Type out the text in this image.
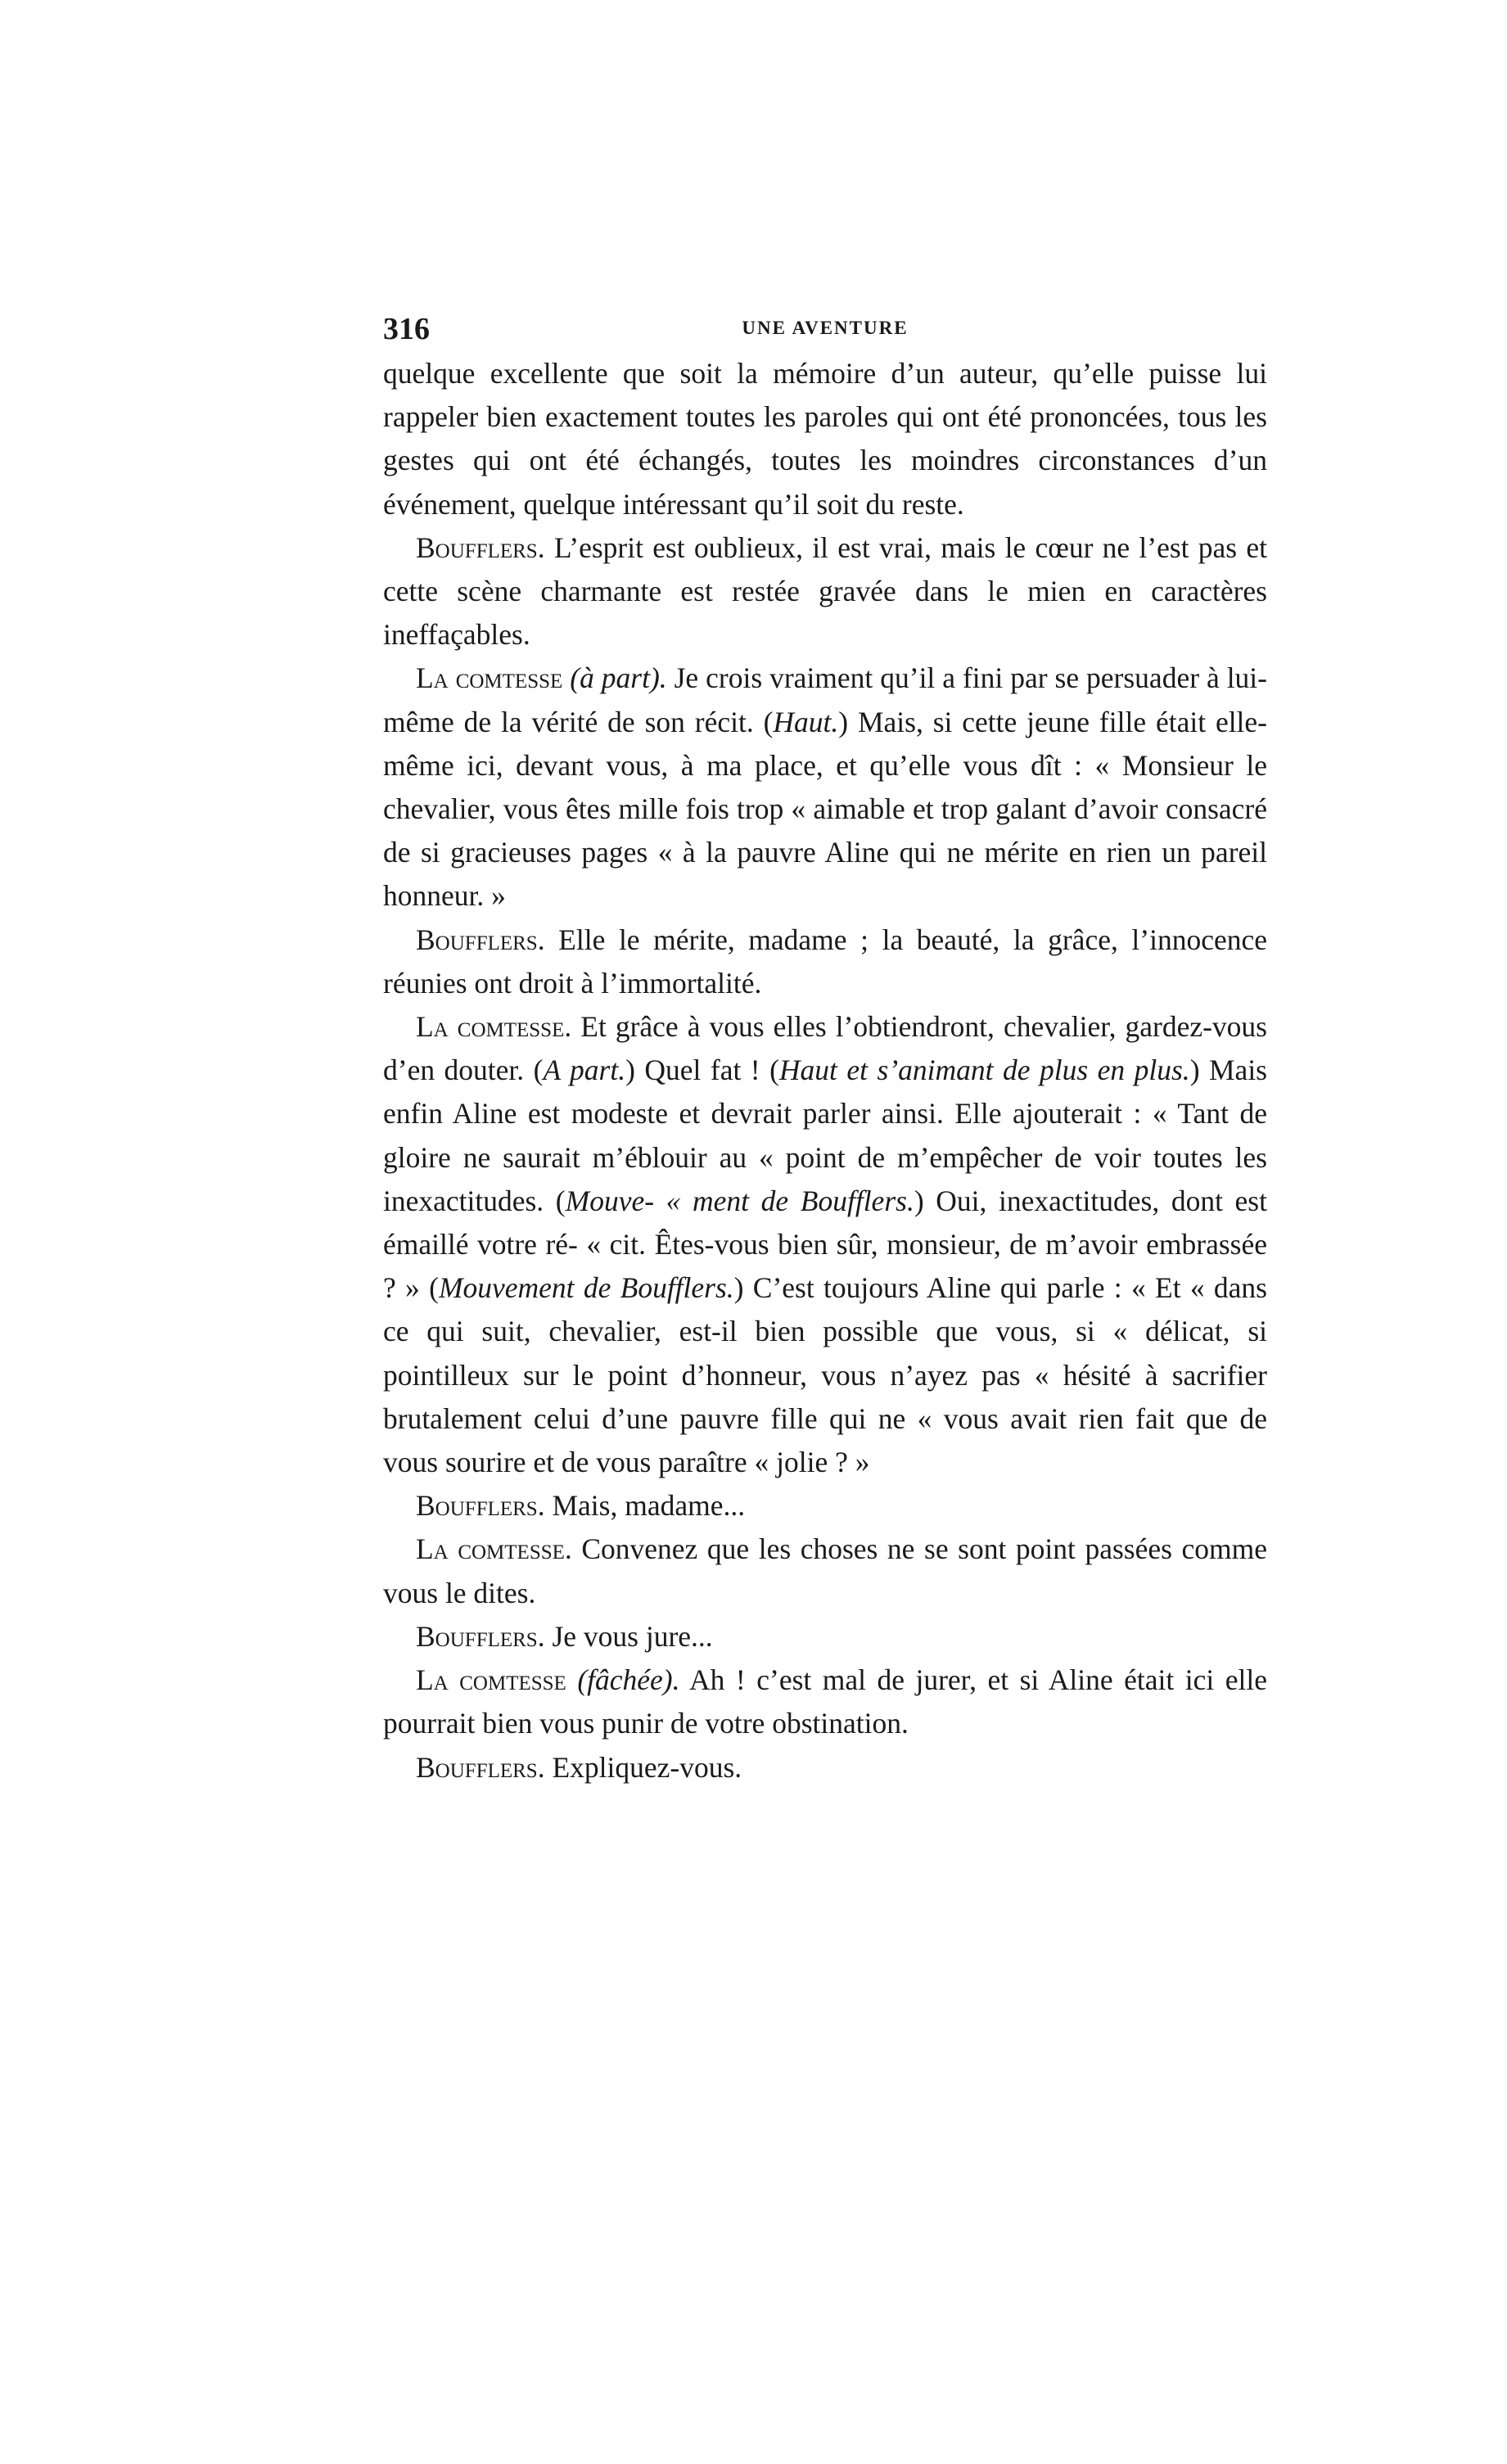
316	UNE AVENTURE

quelque excellente que soit la mémoire d’un auteur, qu’elle puisse lui rappeler bien exactement toutes les paroles qui ont été prononcées, tous les gestes qui ont été échangés, toutes les moindres circonstances d’un événement, quelque intéressant qu’il soit du reste.

Boufflers. L’esprit est oublieux, il est vrai, mais le cœur ne l’est pas et cette scène charmante est restée gravée dans le mien en caractères ineffaçables.

La comtesse (à part). Je crois vraiment qu’il a fini par se persuader à lui-même de la vérité de son récit. (Haut.) Mais, si cette jeune fille était elle-même ici, devant vous, à ma place, et qu’elle vous dît : « Monsieur le chevalier, vous êtes mille fois trop « aimable et trop galant d’avoir consacré de si gracieuses pages « à la pauvre Aline qui ne mérite en rien un pareil honneur. »

Boufflers. Elle le mérite, madame ; la beauté, la grâce, l’innocence réunies ont droit à l’immortalité.

La comtesse. Et grâce à vous elles l’obtiendront, chevalier, gardez-vous d’en douter. (A part.) Quel fat ! (Haut et s’animant de plus en plus.) Mais enfin Aline est modeste et devrait parler ainsi. Elle ajouterait : « Tant de gloire ne saurait m’éblouir au « point de m’empêcher de voir toutes les inexactitudes. (Mouve- « ment de Boufflers.) Oui, inexactitudes, dont est émaillé votre ré- « cit. Êtes-vous bien sûr, monsieur, de m’avoir embrassée ? » (Mouvement de Boufflers.) C’est toujours Aline qui parle : « Et « dans ce qui suit, chevalier, est-il bien possible que vous, si « délicat, si pointilleux sur le point d’honneur, vous n’ayez pas « hésité à sacrifier brutalement celui d’une pauvre fille qui ne « vous avait rien fait que de vous sourire et de vous paraître « jolie ? »

Boufflers. Mais, madame...

La comtesse. Convenez que les choses ne se sont point passées comme vous le dites.

Boufflers. Je vous jure...

La comtesse (fâchée). Ah ! c’est mal de jurer, et si Aline était ici elle pourrait bien vous punir de votre obstination.

Boufflers. Expliquez-vous.
